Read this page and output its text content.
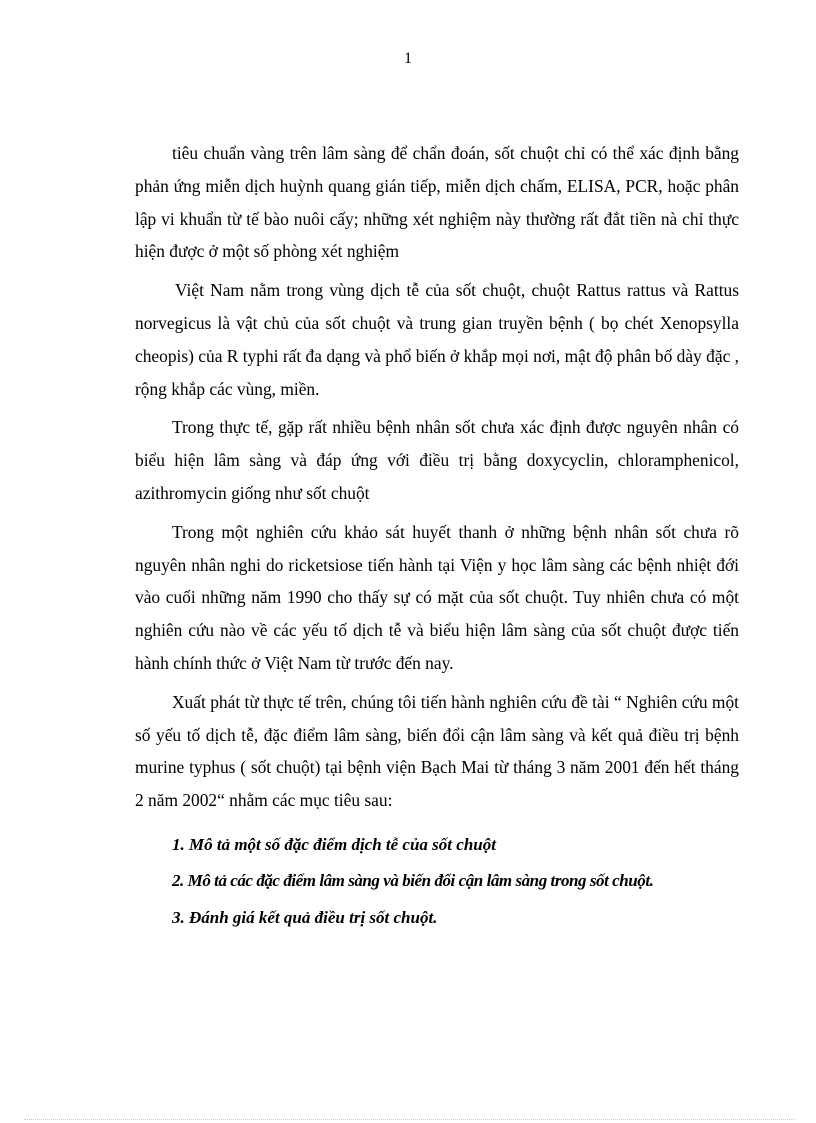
1

tiêu chuẩn vàng trên lâm sàng để chẩn đoán, sốt chuột chỉ có thể xác định bằng phản ứng miễn dịch huỳnh quang gián tiếp, miễn dịch chấm, ELISA, PCR, hoặc phân lập vi khuẩn từ tế bào nuôi cấy; những xét nghiệm này thường rất đắt tiền nà chỉ thực hiện được ở một số phòng xét nghiệm

Việt Nam nằm trong vùng dịch tễ của sốt chuột, chuột Rattus rattus và Rattus norvegicus là vật chủ của sốt chuột và trung gian truyền bệnh ( bọ chét Xenopsylla cheopis) của R typhi rất đa dạng và phổ biến ở khắp mọi nơi, mật độ phân bố dày đặc , rộng khắp các vùng, miền.

Trong thực tế, gặp rất nhiều bệnh nhân sốt chưa xác định được nguyên nhân có biểu hiện lâm sàng và đáp ứng với điều trị bằng doxycyclin, chloramphenicol, azithromycin giống như sốt chuột

Trong một nghiên cứu khảo sát huyết thanh ở những bệnh nhân sốt chưa rõ nguyên nhân nghi do ricketsiose tiến hành tại Viện y học lâm sàng các bệnh nhiệt đới vào cuối những năm 1990 cho thấy sự có mặt của sốt chuột. Tuy nhiên chưa có một nghiên cứu nào về các yếu tố dịch tễ và biểu hiện lâm sàng của sốt chuột được tiến hành chính thức ở Việt Nam từ trước đến nay.

Xuất phát từ thực tế trên, chúng tôi tiến hành nghiên cứu đề tài “ Nghiên cứu một số yếu tố dịch tễ, đặc điểm lâm sàng, biến đổi cận lâm sàng và kết quả điều trị bệnh murine typhus ( sốt chuột) tại bệnh viện Bạch Mai từ tháng 3 năm 2001 đến hết tháng 2 năm 2002“ nhằm các mục tiêu sau:

1. Mô tả một số đặc điểm dịch tễ của sốt chuột
2. Mô tả các đặc điểm lâm sàng và biến đổi cận lâm sàng trong sốt chuột.
3. Đánh giá kết quả điều trị sốt chuột.
